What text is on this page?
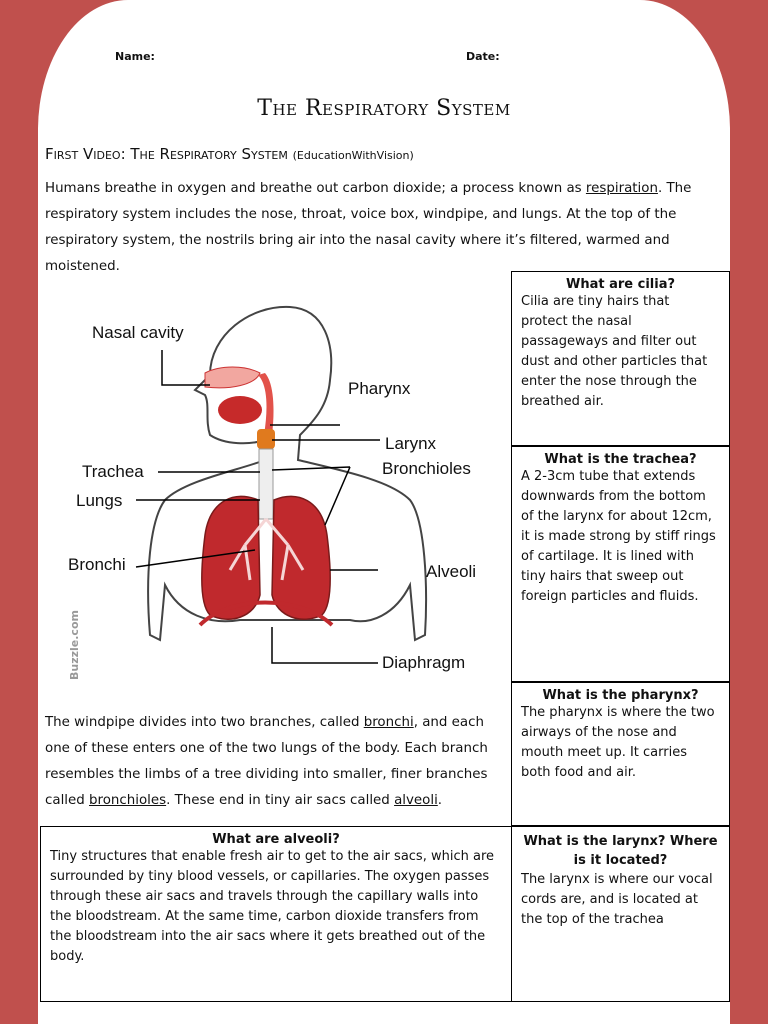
Name:	Date:
The Respiratory System
First Video: The Respiratory System (EducationWithVision)
Humans breathe in oxygen and breathe out carbon dioxide; a process known as respiration. The respiratory system includes the nose, throat, voice box, windpipe, and lungs. At the top of the respiratory system, the nostrils bring air into the nasal cavity where it’s filtered, warmed and moistened.
Nasal cavity
Pharynx
Larynx
Bronchioles
Trachea
Lungs
Bronchi	Alveoli
Diaphragm
Buzzle.com
What are cilia?
Cilia are tiny hairs that protect the nasal passageways and filter out dust and other particles that enter the nose through the breathed air.
What is the trachea?
A 2-3cm tube that extends downwards from the bottom of the larynx for about 12cm, it is made strong by stiff rings of cartilage. It is lined with tiny hairs that sweep out foreign particles and fluids.
What is the pharynx?
The pharynx is where the two airways of the nose and mouth meet up. It carries both food and air.
The windpipe divides into two branches, called bronchi, and each one of these enters one of the two lungs of the body. Each branch resembles the limbs of a tree dividing into smaller, finer branches called bronchioles. These end in tiny air sacs called alveoli.
What are alveoli?
Tiny structures that enable fresh air to get to the air sacs, which are surrounded by tiny blood vessels, or capillaries. The oxygen passes through these air sacs and travels through the capillary walls into the bloodstream. At the same time, carbon dioxide transfers from the bloodstream into the air sacs where it gets breathed out of the body.
What is the larynx? Where is it located?
The larynx is where our vocal cords are, and is located at the top of the trachea
